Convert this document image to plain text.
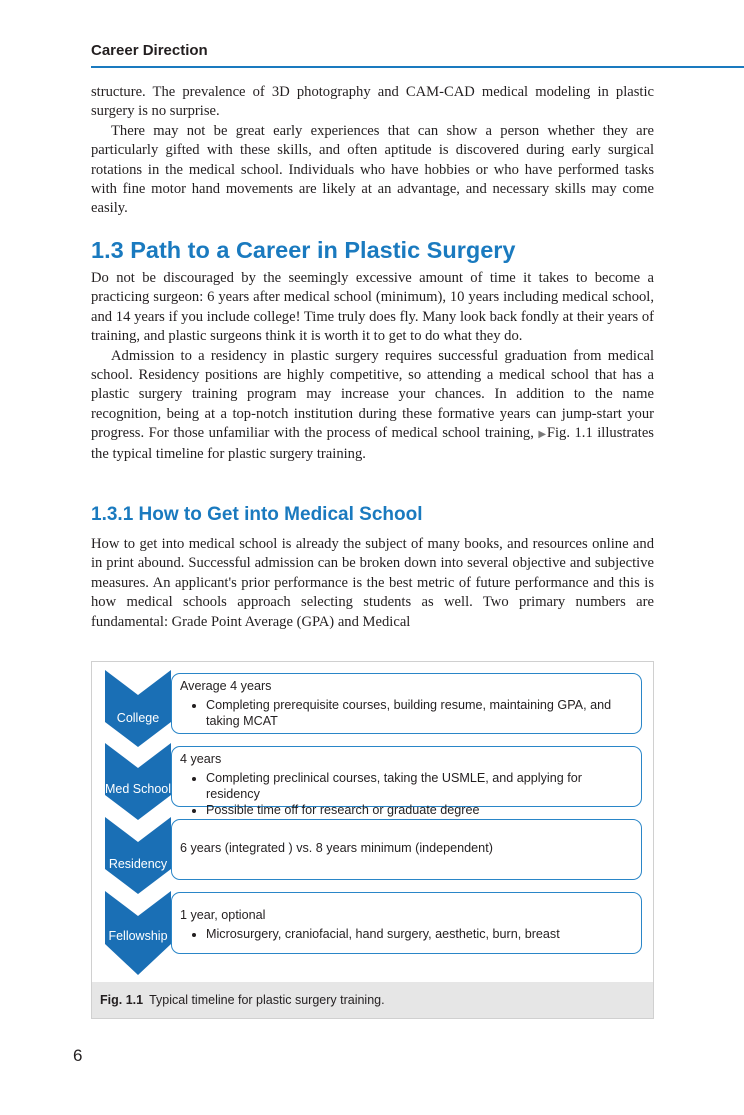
Career Direction

structure. The prevalence of 3D photography and CAM-CAD medical modeling in plastic surgery is no surprise.

There may not be great early experiences that can show a person whether they are particularly gifted with these skills, and often aptitude is discovered during early surgical rotations in the medical school. Individuals who have hobbies or who have performed tasks with fine motor hand movements are likely at an advantage, and necessary skills may come easily.

1.3 Path to a Career in Plastic Surgery

Do not be discouraged by the seemingly excessive amount of time it takes to become a practicing surgeon: 6 years after medical school (minimum), 10 years including medical school, and 14 years if you include college! Time truly does fly. Many look back fondly at their years of training, and plastic surgeons think it is worth it to get to do what they do.

Admission to a residency in plastic surgery requires successful graduation from medical school. Residency positions are highly competitive, so attending a medical school that has a plastic surgery training program may increase your chances. In addition to the name recognition, being at a top-notch institution during these formative years can jump-start your progress. For those unfamiliar with the process of medical school training, ▶Fig. 1.1 illustrates the typical timeline for plastic surgery training.

1.3.1 How to Get into Medical School

How to get into medical school is already the subject of many books, and resources online and in print abound. Successful admission can be broken down into several objective and subjective measures. An applicant's prior performance is the best metric of future performance and this is how medical schools approach selecting students as well. Two primary numbers are fundamental: Grade Point Average (GPA) and Medical

College
Med School
Residency
Fellowship
Average 4 years
• Completing prerequisite courses, building resume, maintaining GPA, and taking MCAT
4 years
• Completing preclinical courses, taking the USMLE, and applying for residency
• Possible time off for research or graduate degree
6 years (integrated ) vs. 8 years minimum (independent)
1 year, optional
• Microsurgery, craniofacial, hand surgery, aesthetic, burn, breast
Fig. 1.1 Typical timeline for plastic surgery training.
6
